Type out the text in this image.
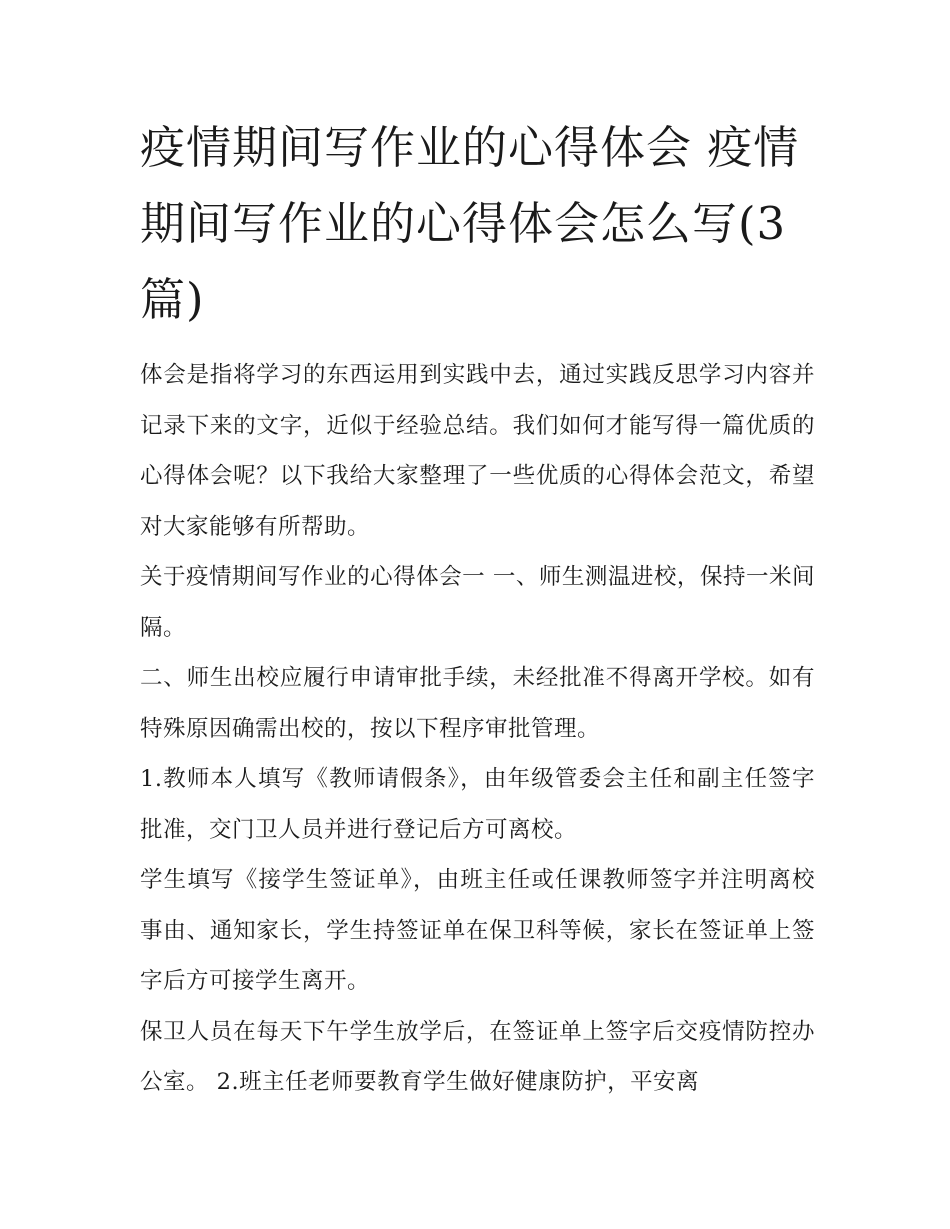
疫情期间写作业的心得体会 疫情期间写作业的心得体会怎么写(3篇)

体会是指将学习的东西运用到实践中去，通过实践反思学习内容并记录下来的文字，近似于经验总结。我们如何才能写得一篇优质的心得体会呢？以下我给大家整理了一些优质的心得体会范文，希望对大家能够有所帮助。

关于疫情期间写作业的心得体会一 一、师生测温进校，保持一米间隔。

二、师生出校应履行申请审批手续，未经批准不得离开学校。如有特殊原因确需出校的，按以下程序审批管理。

1.教师本人填写《教师请假条》，由年级管委会主任和副主任签字批准，交门卫人员并进行登记后方可离校。

学生填写《接学生签证单》，由班主任或任课教师签字并注明离校事由、通知家长，学生持签证单在保卫科等候，家长在签证单上签字后方可接学生离开。

保卫人员在每天下午学生放学后，在签证单上签字后交疫情防控办公室。 2.班主任老师要教育学生做好健康防护，平安离
